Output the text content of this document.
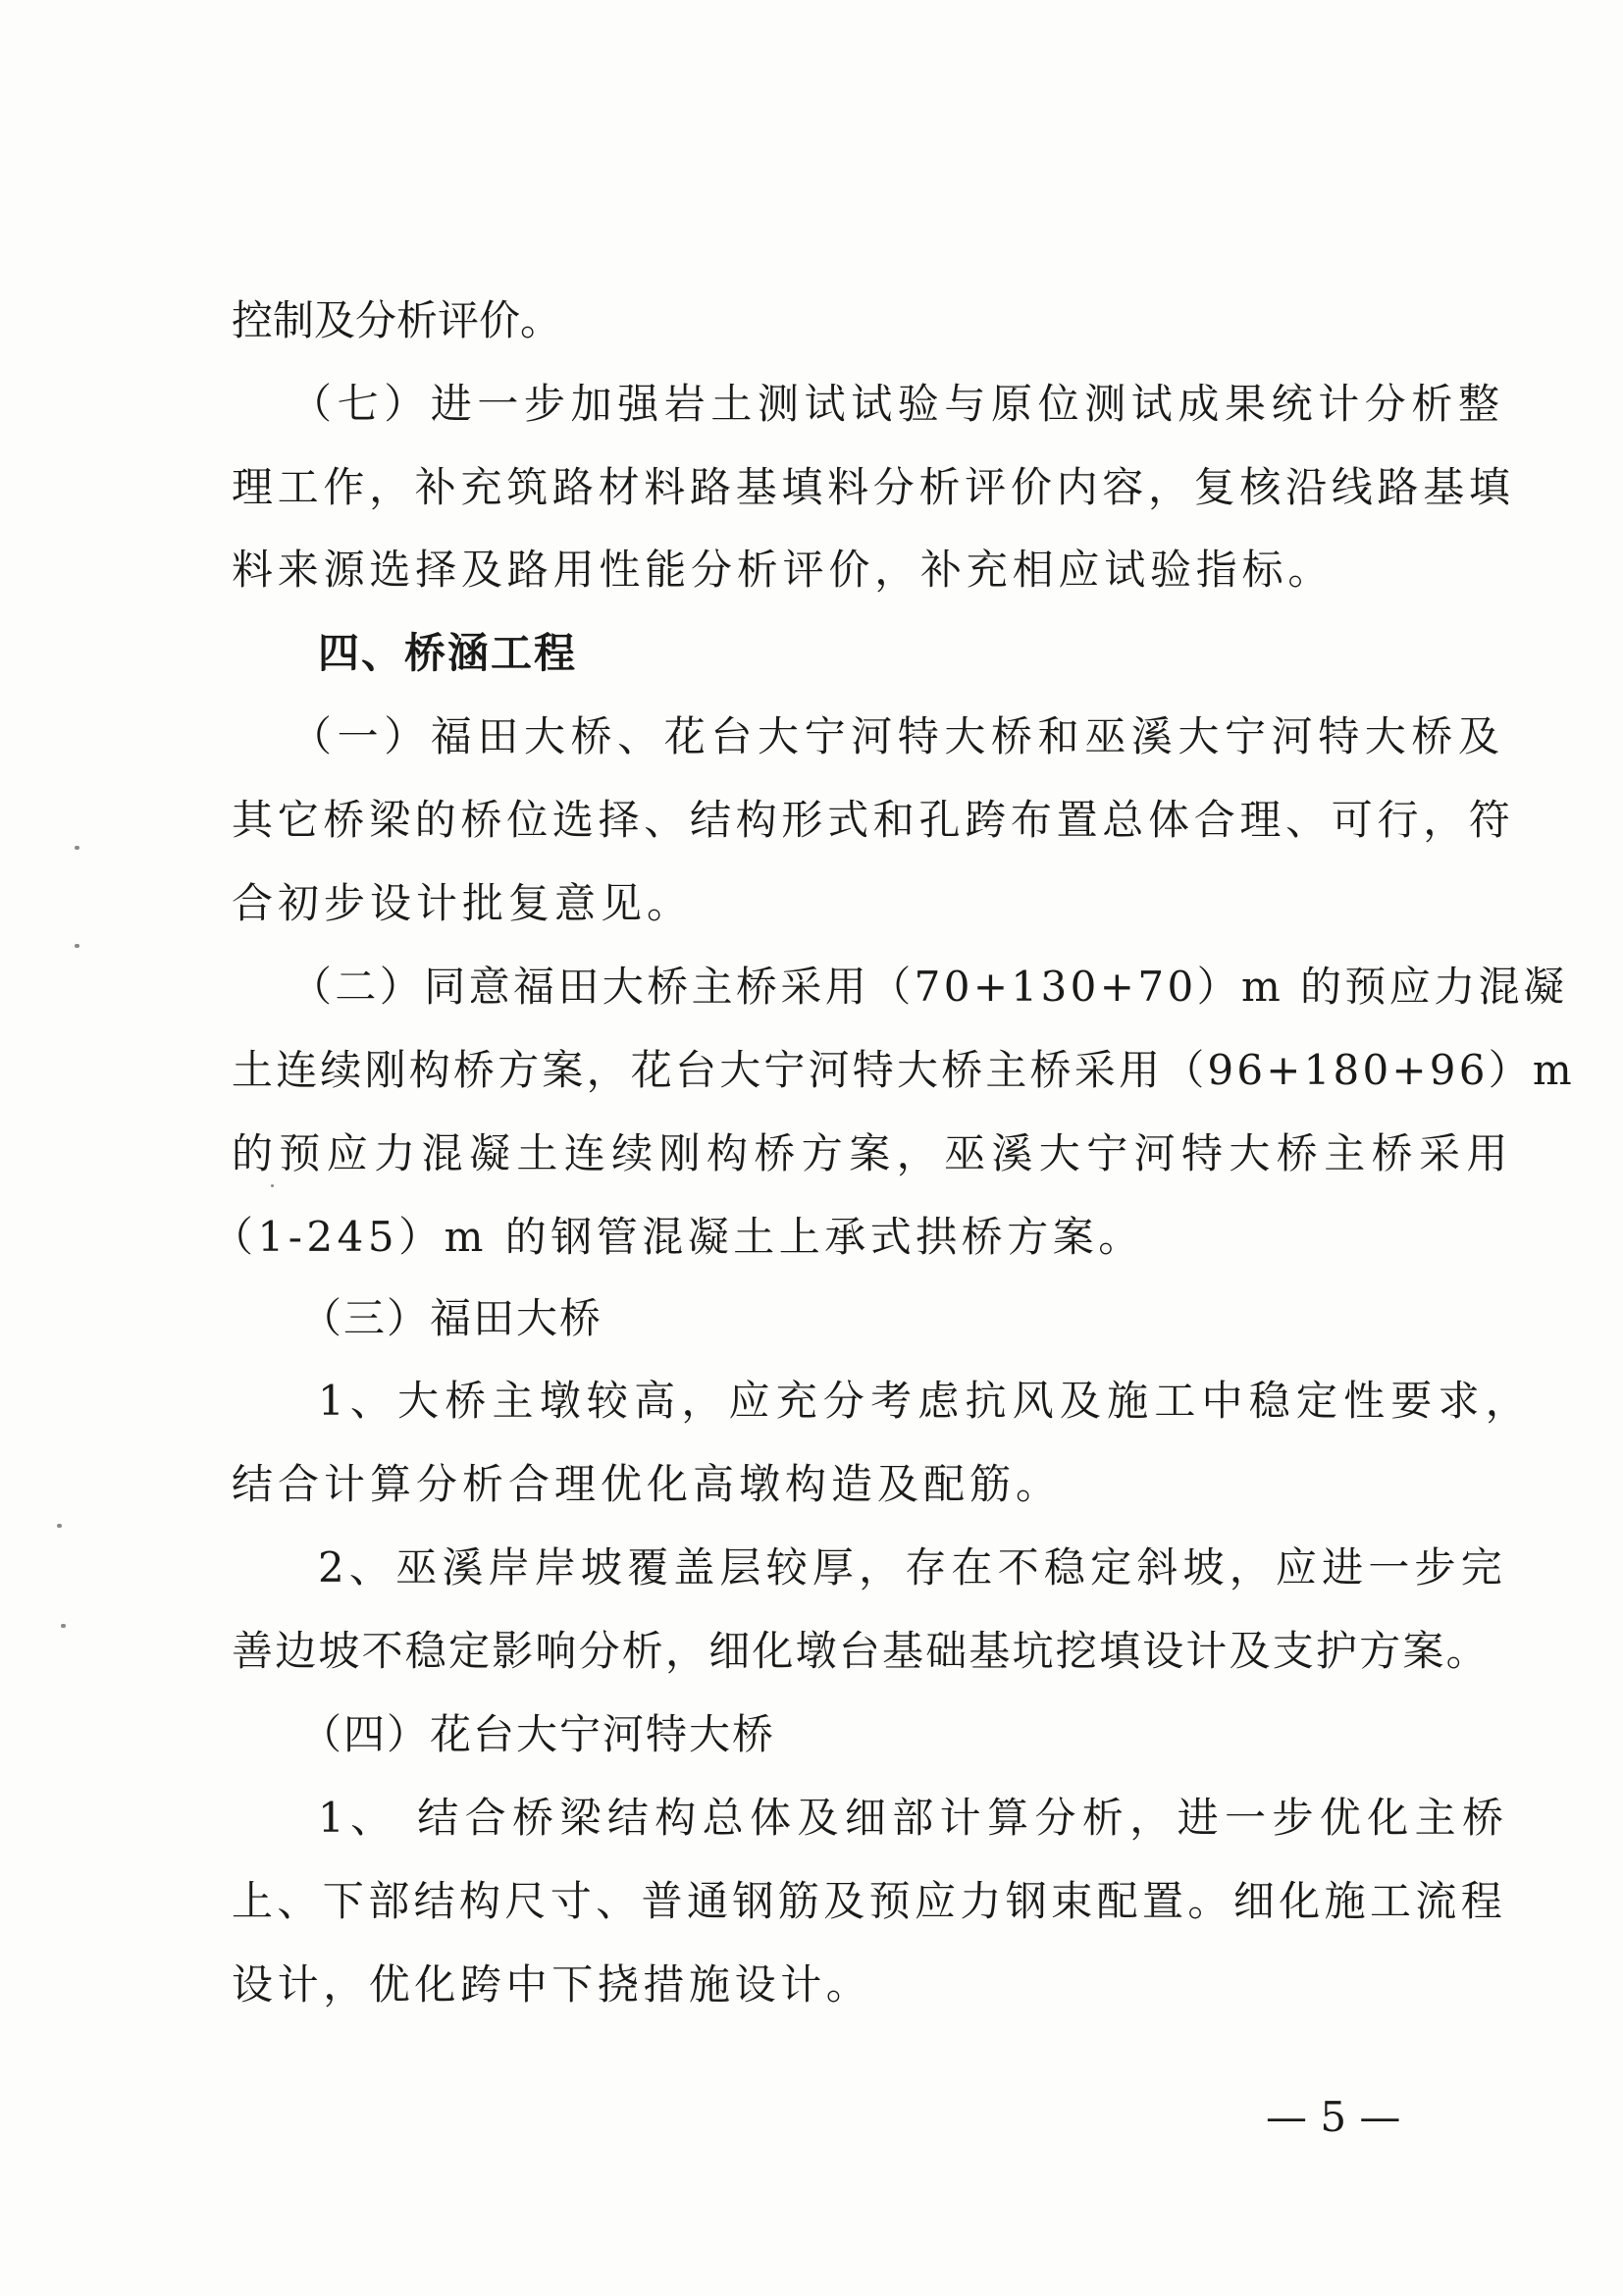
控制及分析评价。
（七）进一步加强岩土测试试验与原位测试成果统计分析整
理工作，补充筑路材料路基填料分析评价内容，复核沿线路基填
料来源选择及路用性能分析评价，补充相应试验指标。
四、桥涵工程
（一）福田大桥、花台大宁河特大桥和巫溪大宁河特大桥及
其它桥梁的桥位选择、结构形式和孔跨布置总体合理、可行，符
合初步设计批复意见。
（二）同意福田大桥主桥采用（70+130+70）m 的预应力混凝
土连续刚构桥方案，花台大宁河特大桥主桥采用（96+180+96）m
的预应力混凝土连续刚构桥方案，巫溪大宁河特大桥主桥采用
（1-245）m 的钢管混凝土上承式拱桥方案。
（三）福田大桥
1、大桥主墩较高，应充分考虑抗风及施工中稳定性要求，
结合计算分析合理优化高墩构造及配筋。
2、巫溪岸岸坡覆盖层较厚，存在不稳定斜坡，应进一步完
善边坡不稳定影响分析，细化墩台基础基坑挖填设计及支护方案。
（四）花台大宁河特大桥
1、 结合桥梁结构总体及细部计算分析，进一步优化主桥
上、下部结构尺寸、普通钢筋及预应力钢束配置。细化施工流程
设计，优化跨中下挠措施设计。
— 5 —
